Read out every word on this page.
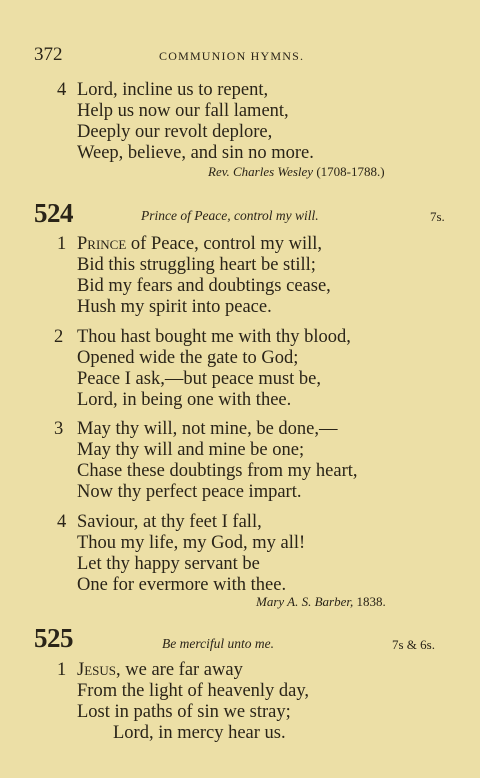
372	COMMUNION HYMNS.
4 Lord, incline us to repent,
Help us now our fall lament,
Deeply our revolt deplore,
Weep, believe, and sin no more.
Rev. Charles Wesley (1708-1788.)
524	Prince of Peace, control my will.	7s.
1 Prince of Peace, control my will,
Bid this struggling heart be still;
Bid my fears and doubtings cease,
Hush my spirit into peace.
2 Thou hast bought me with thy blood,
Opened wide the gate to God;
Peace I ask,—but peace must be,
Lord, in being one with thee.
3 May thy will, not mine, be done,—
May thy will and mine be one;
Chase these doubtings from my heart,
Now thy perfect peace impart.
4 Saviour, at thy feet I fall,
Thou my life, my God, my all!
Let thy happy servant be
One for evermore with thee.
Mary A. S. Barber, 1838.
525	Be merciful unto me.	7s & 6s.
1 Jesus, we are far away
From the light of heavenly day,
Lost in paths of sin we stray;
Lord, in mercy hear us.
